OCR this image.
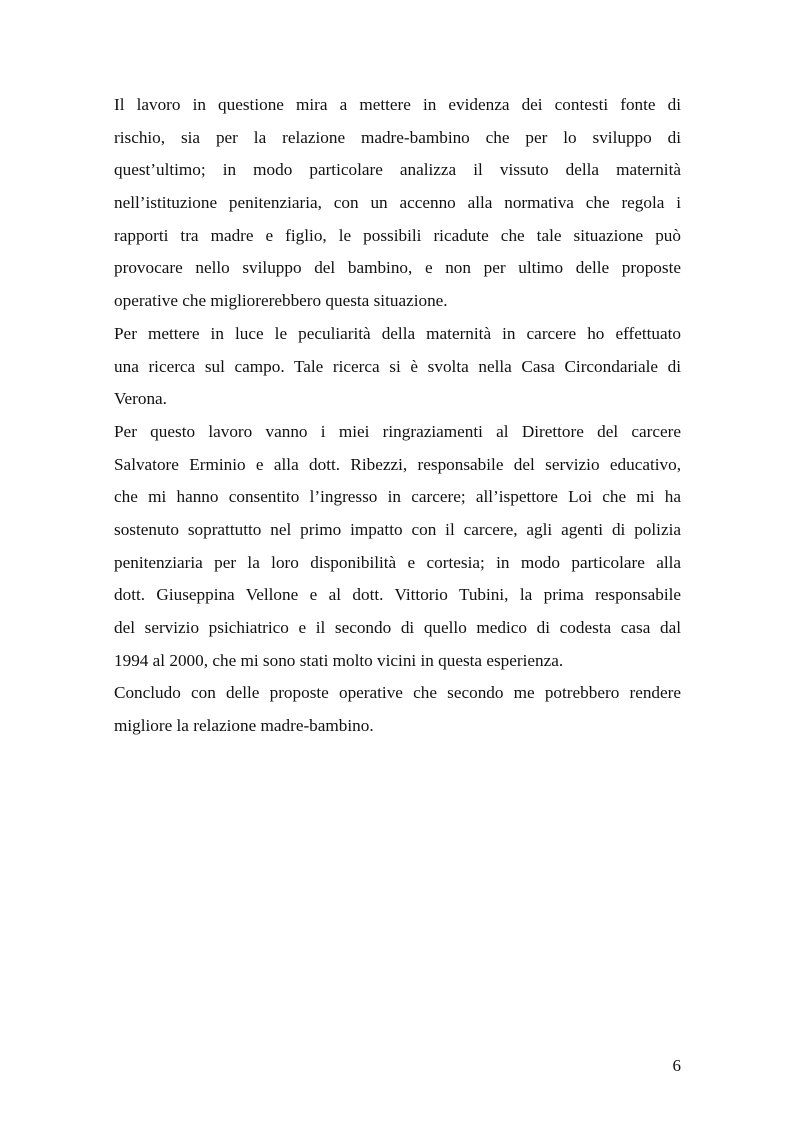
Il lavoro in questione mira a mettere in evidenza dei contesti fonte di
rischio, sia per la relazione madre-bambino che per lo sviluppo di
quest’ultimo; in modo particolare analizza il vissuto della maternità
nell’istituzione penitenziaria, con un accenno alla normativa che regola i
rapporti tra madre e figlio, le possibili ricadute che tale situazione può
provocare nello sviluppo del bambino, e non per ultimo delle proposte
operative che migliorerebbero questa situazione.
Per mettere in luce le peculiarità della maternità in carcere ho effettuato
una ricerca sul campo. Tale ricerca si è svolta nella Casa Circondariale di
Verona.
Per questo lavoro vanno i miei ringraziamenti al Direttore del carcere
Salvatore Erminio e alla dott. Ribezzi, responsabile del servizio educativo,
che mi hanno consentito l’ingresso in carcere; all’ispettore Loi che mi ha
sostenuto soprattutto nel primo impatto con il carcere, agli agenti di polizia
penitenziaria per la loro disponibilità e cortesia; in modo particolare alla
dott. Giuseppina Vellone e al dott. Vittorio Tubini, la prima responsabile
del servizio psichiatrico e il secondo di quello medico di codesta casa dal
1994 al 2000, che mi sono stati molto vicini in questa esperienza.
Concludo con delle proposte operative che secondo me potrebbero rendere
migliore la relazione madre-bambino.
6
